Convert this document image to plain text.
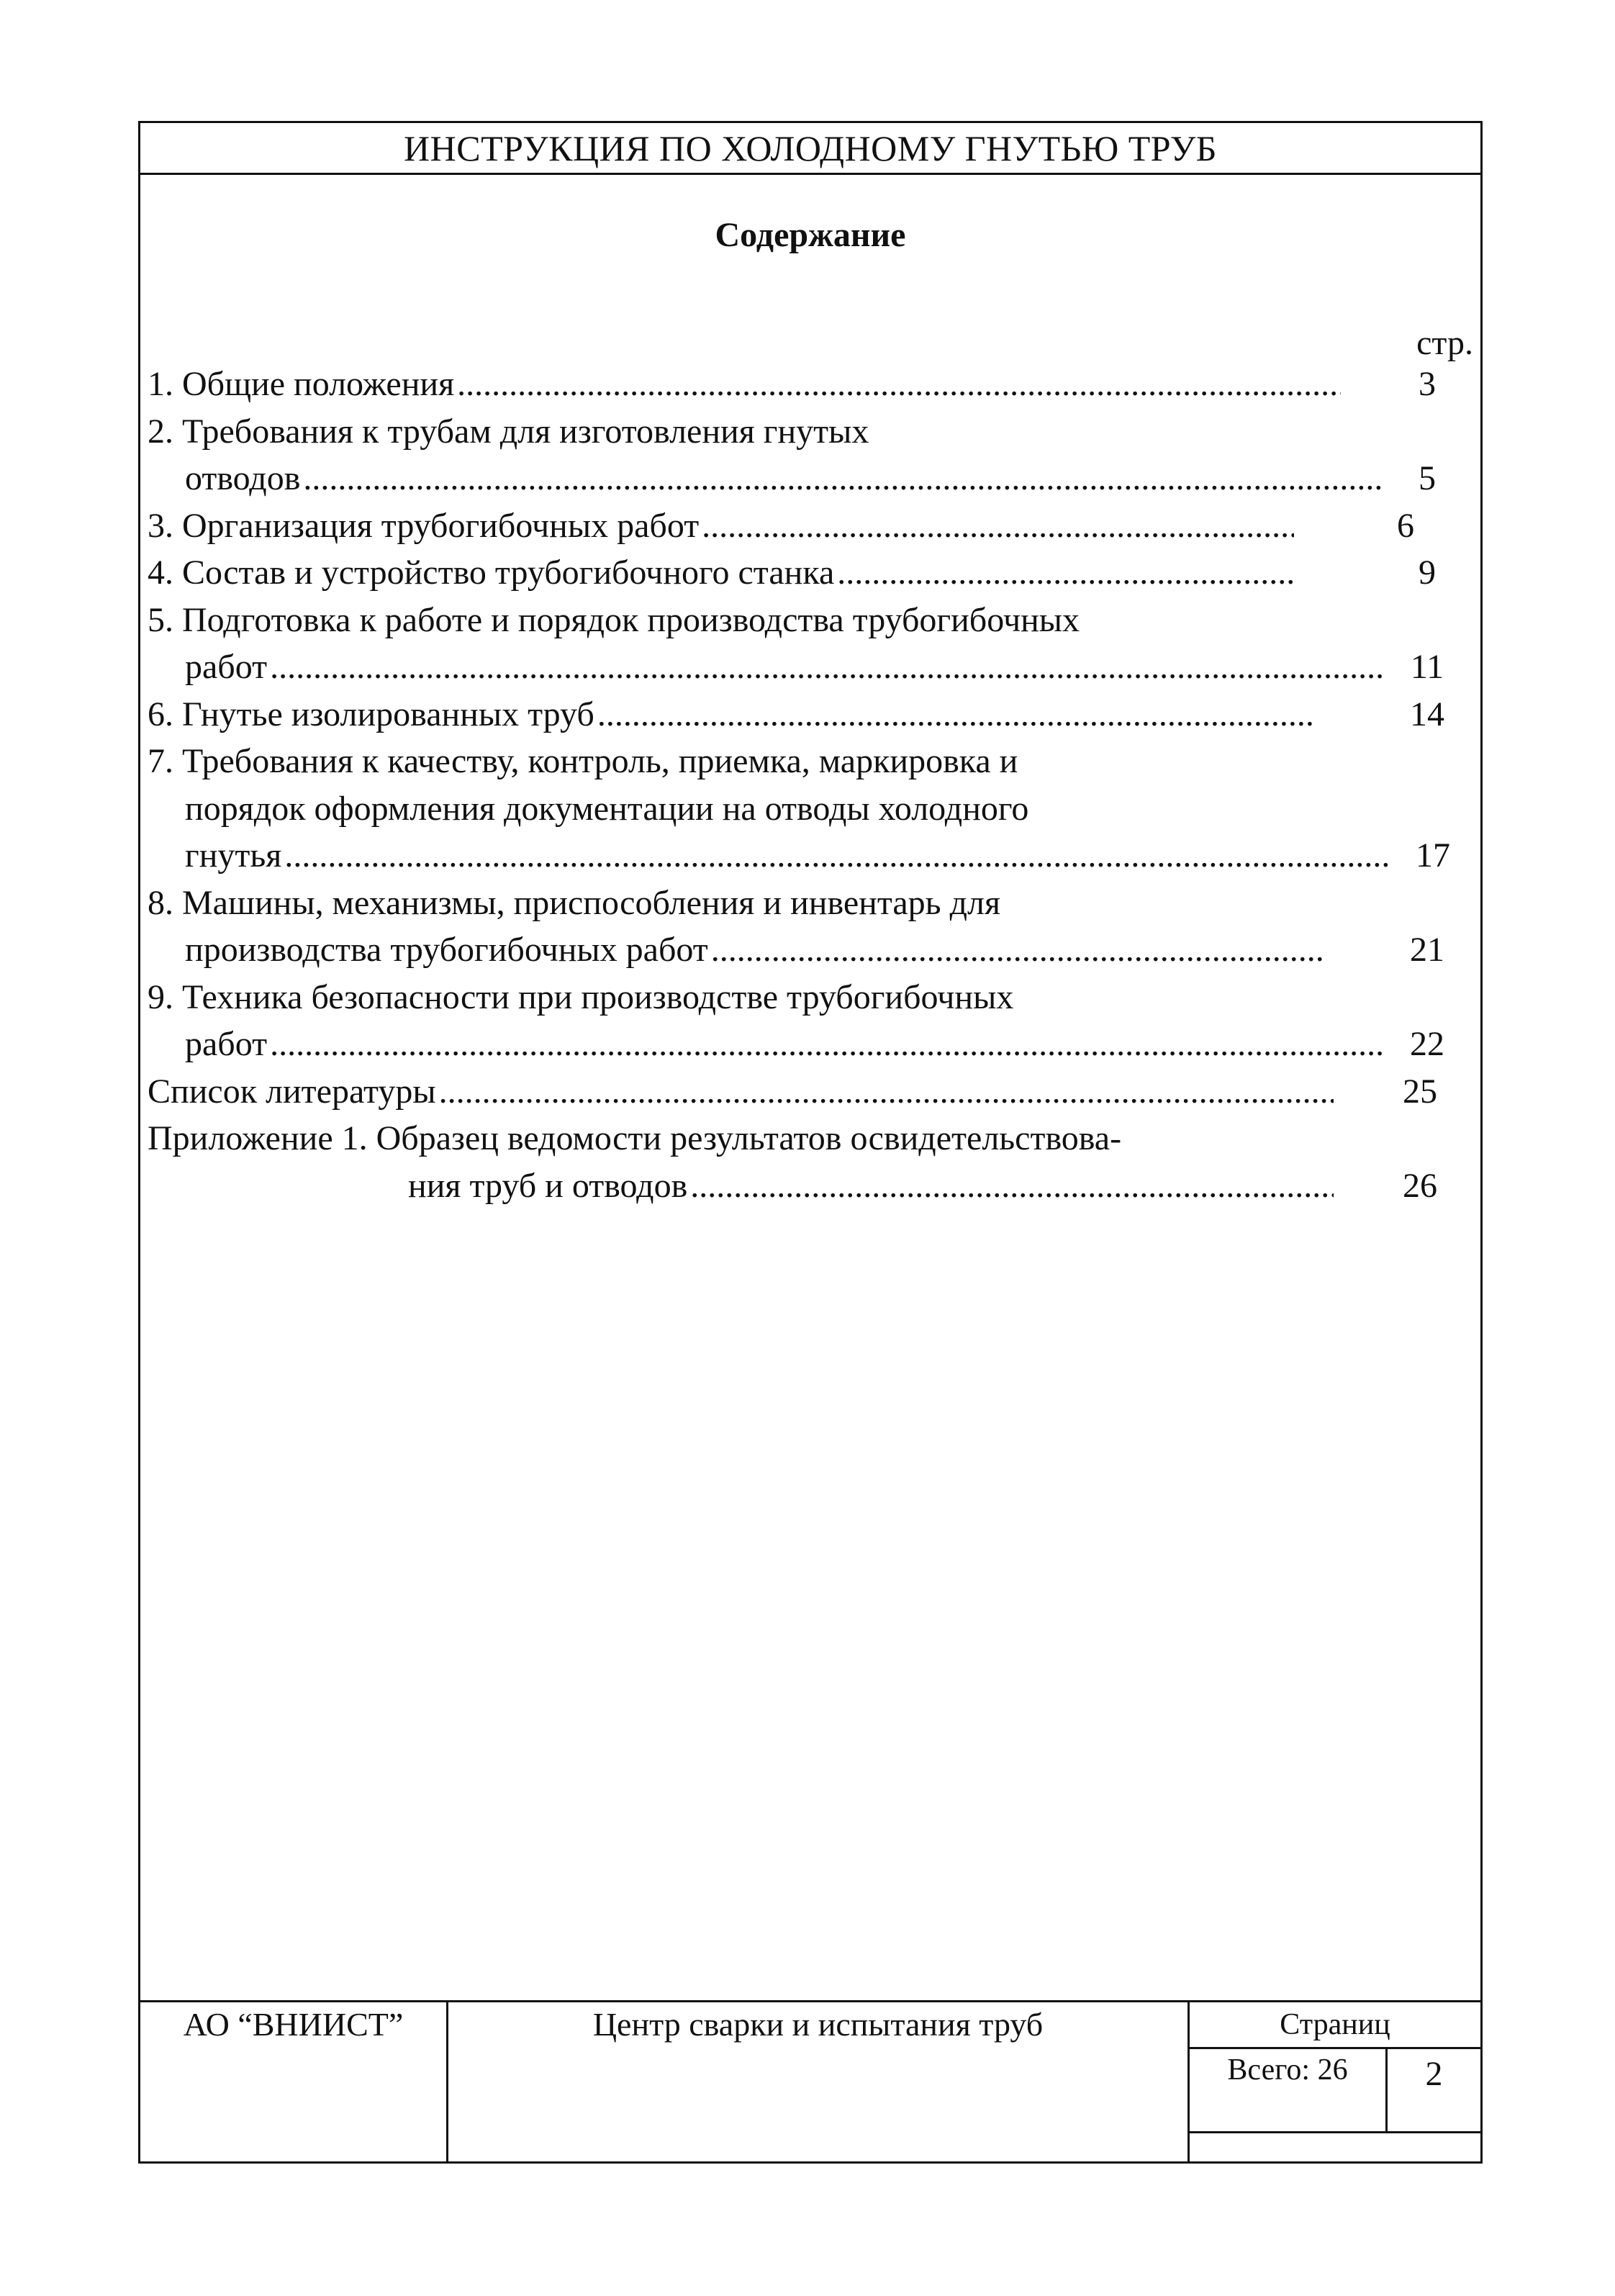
ИНСТРУКЦИЯ ПО ХОЛОДНОМУ ГНУТЬЮ ТРУБ
Содержание
стр.
1. Общие положения .....	3
2. Требования к трубам для изготовления гнутых
отводов .....	5
3. Организация трубогибочных работ .....	6
4. Состав и устройство трубогибочного станка .....	9
5. Подготовка к работе и порядок производства трубогибочных
работ .....	11
6. Гнутье изолированных труб .....	14
7. Требования к качеству, контроль, приемка, маркировка и
порядок оформления документации на отводы холодного
гнутья .....	17
8. Машины, механизмы, приспособления и инвентарь для
производства трубогибочных работ .....	21
9. Техника безопасности при производстве трубогибочных
работ .....	22
Список литературы .....	25
Приложение 1. Образец ведомости результатов освидетельствова-
ния труб и отводов .....	26
АО “ВНИИСТ”	Центр сварки и испытания труб	Страниц
Всего: 26	2
